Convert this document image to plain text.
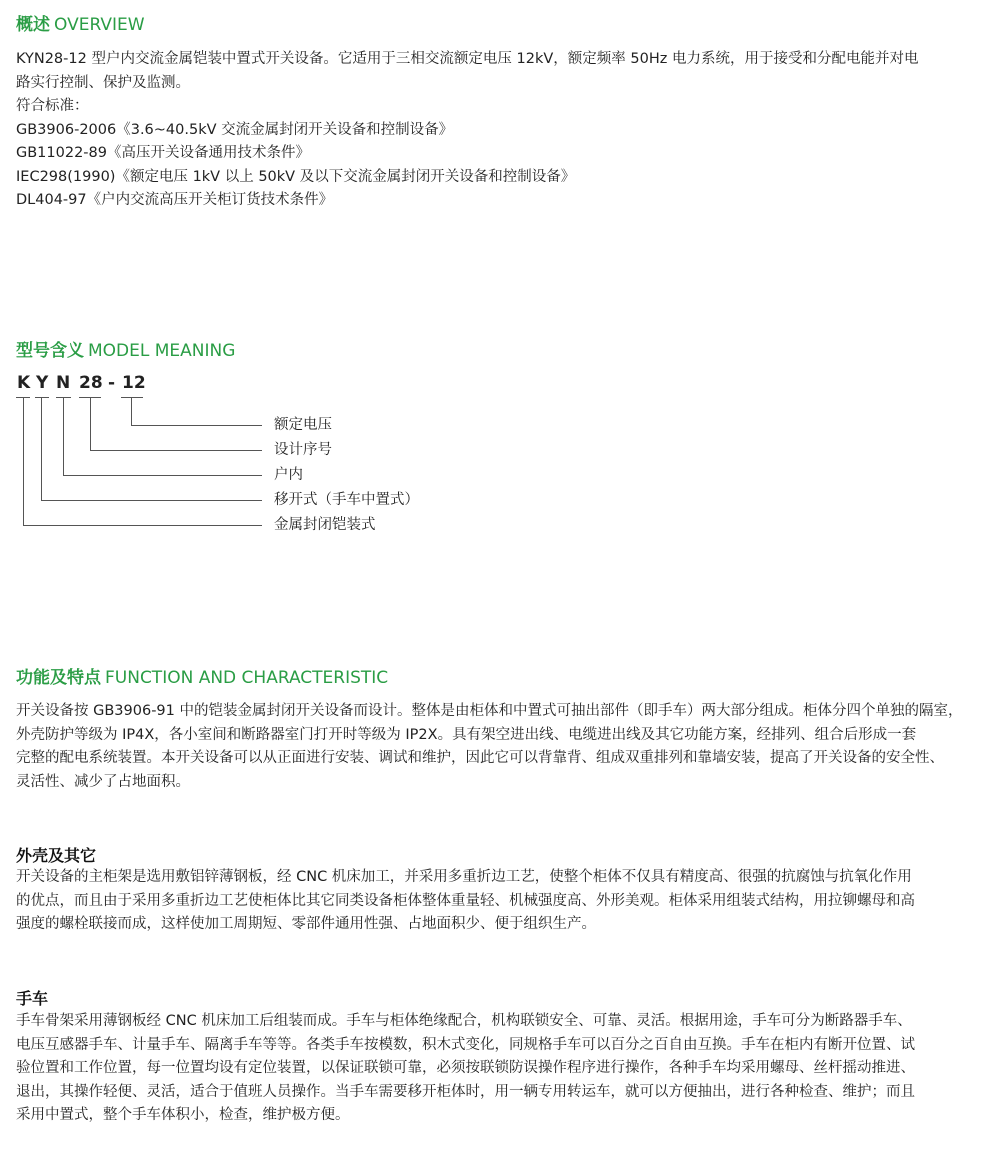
概述 OVERVIEW

KYN28-12 型户内交流金属铠装中置式开关设备。它适用于三相交流额定电压 12kV，额定频率 50Hz 电力系统，用于接受和分配电能并对电

路实行控制、保护及监测。

符合标准：

GB3906-2006《3.6~40.5kV 交流金属封闭开关设备和控制设备》

GB11022-89《高压开关设备通用技术条件》

IEC298(1990)《额定电压 1kV 以上 50kV 及以下交流金属封闭开关设备和控制设备》

DL404-97《户内交流高压开关柜订货技术条件》

型号含义 MODEL MEANING
K Y N 28 - 12
额定电压
设计序号
户内
移开式（手车中置式）
金属封闭铠装式
功能及特点 FUNCTION AND CHARACTERISTIC

开关设备按 GB3906-91 中的铠装金属封闭开关设备而设计。整体是由柜体和中置式可抽出部件（即手车）两大部分组成。柜体分四个单独的隔室，

外壳防护等级为 IP4X，各小室间和断路器室门打开时等级为 IP2X。具有架空进出线、电缆进出线及其它功能方案，经排列、组合后形成一套

完整的配电系统装置。本开关设备可以从正面进行安装、调试和维护，因此它可以背靠背、组成双重排列和靠墙安装，提高了开关设备的安全性、

灵活性、减少了占地面积。

外壳及其它

开关设备的主柜架是选用敷铝锌薄钢板，经 CNC 机床加工，并采用多重折边工艺，使整个柜体不仅具有精度高、很强的抗腐蚀与抗氧化作用

的优点，而且由于采用多重折边工艺使柜体比其它同类设备柜体整体重量轻、机械强度高、外形美观。柜体采用组装式结构，用拉铆螺母和高

强度的螺栓联接而成，这样使加工周期短、零部件通用性强、占地面积少、便于组织生产。

手车

手车骨架采用薄钢板经 CNC 机床加工后组装而成。手车与柜体绝缘配合，机构联锁安全、可靠、灵活。根据用途，手车可分为断路器手车、

电压互感器手车、计量手车、隔离手车等等。各类手车按模数，积木式变化，同规格手车可以百分之百自由互换。手车在柜内有断开位置、试

验位置和工作位置，每一位置均设有定位装置，以保证联锁可靠，必须按联锁防误操作程序进行操作，各种手车均采用螺母、丝杆摇动推进、

退出，其操作轻便、灵活，适合于值班人员操作。当手车需要移开柜体时，用一辆专用转运车，就可以方便抽出，进行各种检查、维护；而且

采用中置式，整个手车体积小，检查，维护极方便。
